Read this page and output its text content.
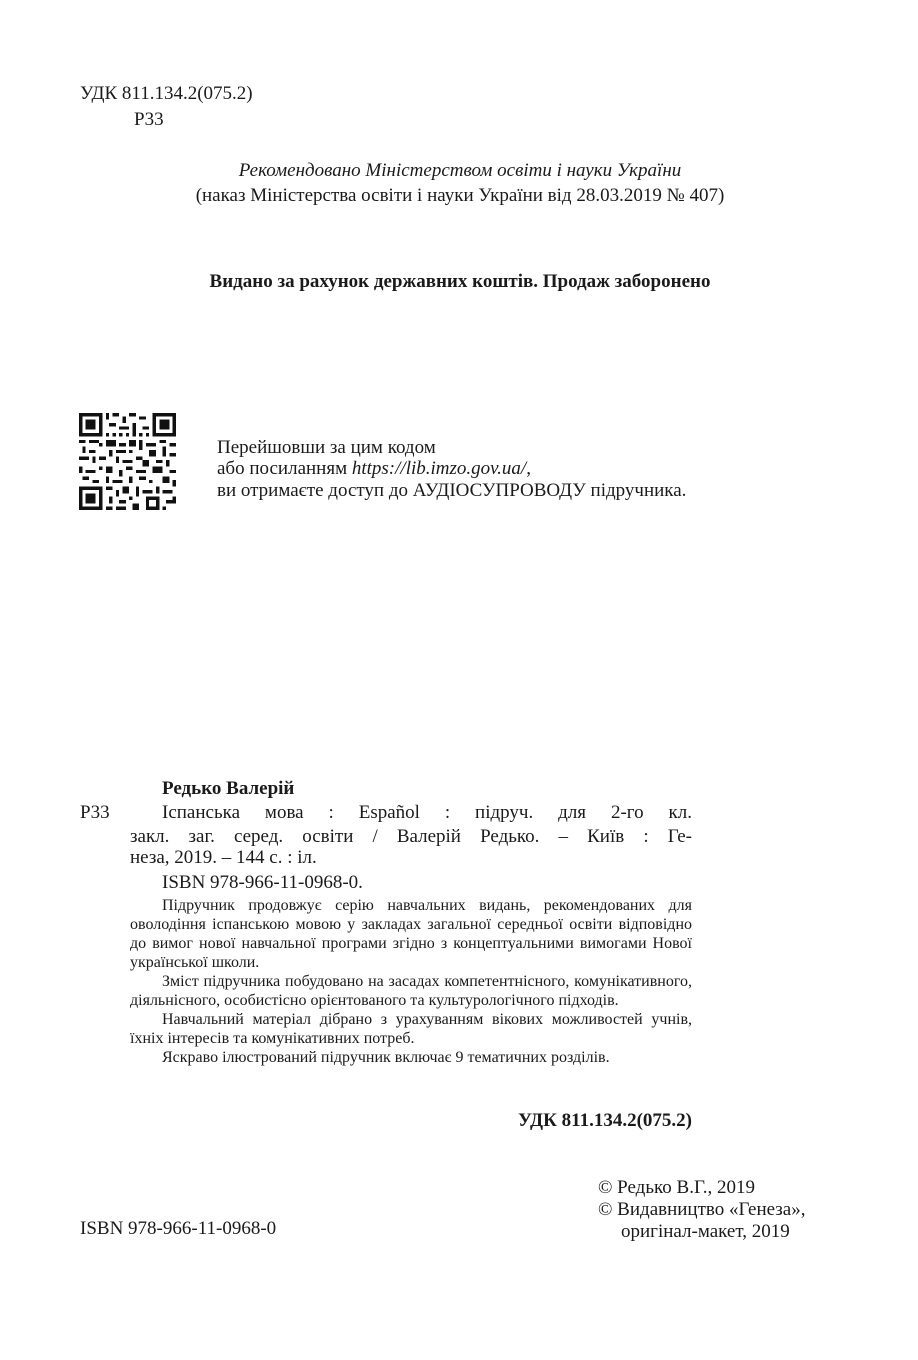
УДК 811.134.2(075.2)
Р33
Рекомендовано Міністерством освіти і науки України
(наказ Міністерства освіти і науки України від 28.03.2019 № 407)
Видано за рахунок державних коштів. Продаж заборонено
Перейшовши за цим кодом
або посиланням https://lib.imzo.gov.ua/,
ви отримаєте доступ до АУДІОСУПРОВОДУ підручника.
Редько Валерій
Р33	Іспанська мова : Español : підруч. для 2-го кл.
закл. заг. серед. освіти / Валерій Редько. – Київ : Ге-
неза, 2019. – 144 с. : іл.
ISBN 978-966-11-0968-0.

Підручник продовжує серію навчальних видань, рекомендованих для оволодіння іспанською мовою у закладах загальної середньої освіти відповідно до вимог нової навчальної програми згідно з концептуальними вимогами Нової української школи.

Зміст підручника побудовано на засадах компетентнісного, комунікативного, діяльнісного, особистісно орієнтованого та культурологічного підходів.

Навчальний матеріал дібрано з урахуванням вікових можливостей учнів, їхніх інтересів та комунікативних потреб.

Яскраво ілюстрований підручник включає 9 тематичних розділів.

УДК 811.134.2(075.2)
© Редько В.Г., 2019
© Видавництво «Генеза»,
оригінал-макет, 2019
ISBN 978-966-11-0968-0
